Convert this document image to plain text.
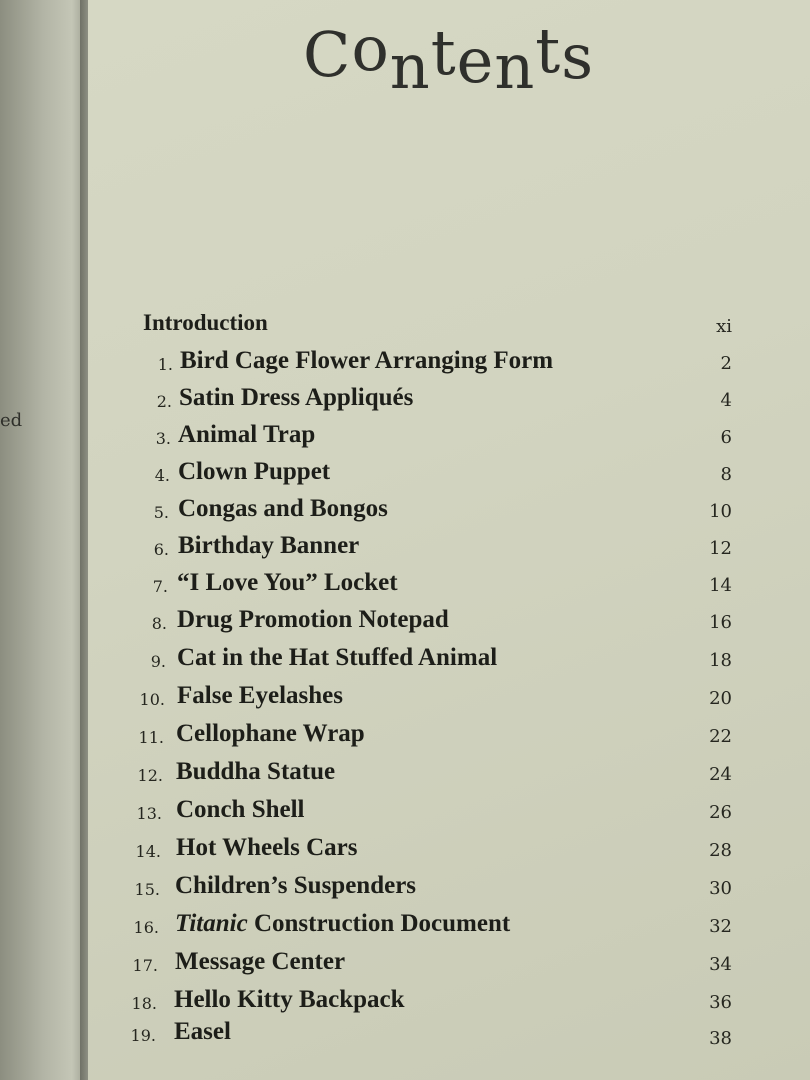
ed
Contents
Introduction	xi
1. Bird Cage Flower Arranging Form	2
2. Satin Dress Appliqués	4
3. Animal Trap	6
4. Clown Puppet	8
5. Congas and Bongos	10
6. Birthday Banner	12
7. “I Love You” Locket	14
8. Drug Promotion Notepad	16
9. Cat in the Hat Stuffed Animal	18
10. False Eyelashes	20
11. Cellophane Wrap	22
12. Buddha Statue	24
13. Conch Shell	26
14. Hot Wheels Cars	28
15. Children’s Suspenders	30
16. Titanic Construction Document	32
17. Message Center	34
18. Hello Kitty Backpack	36
19. Easel	38
